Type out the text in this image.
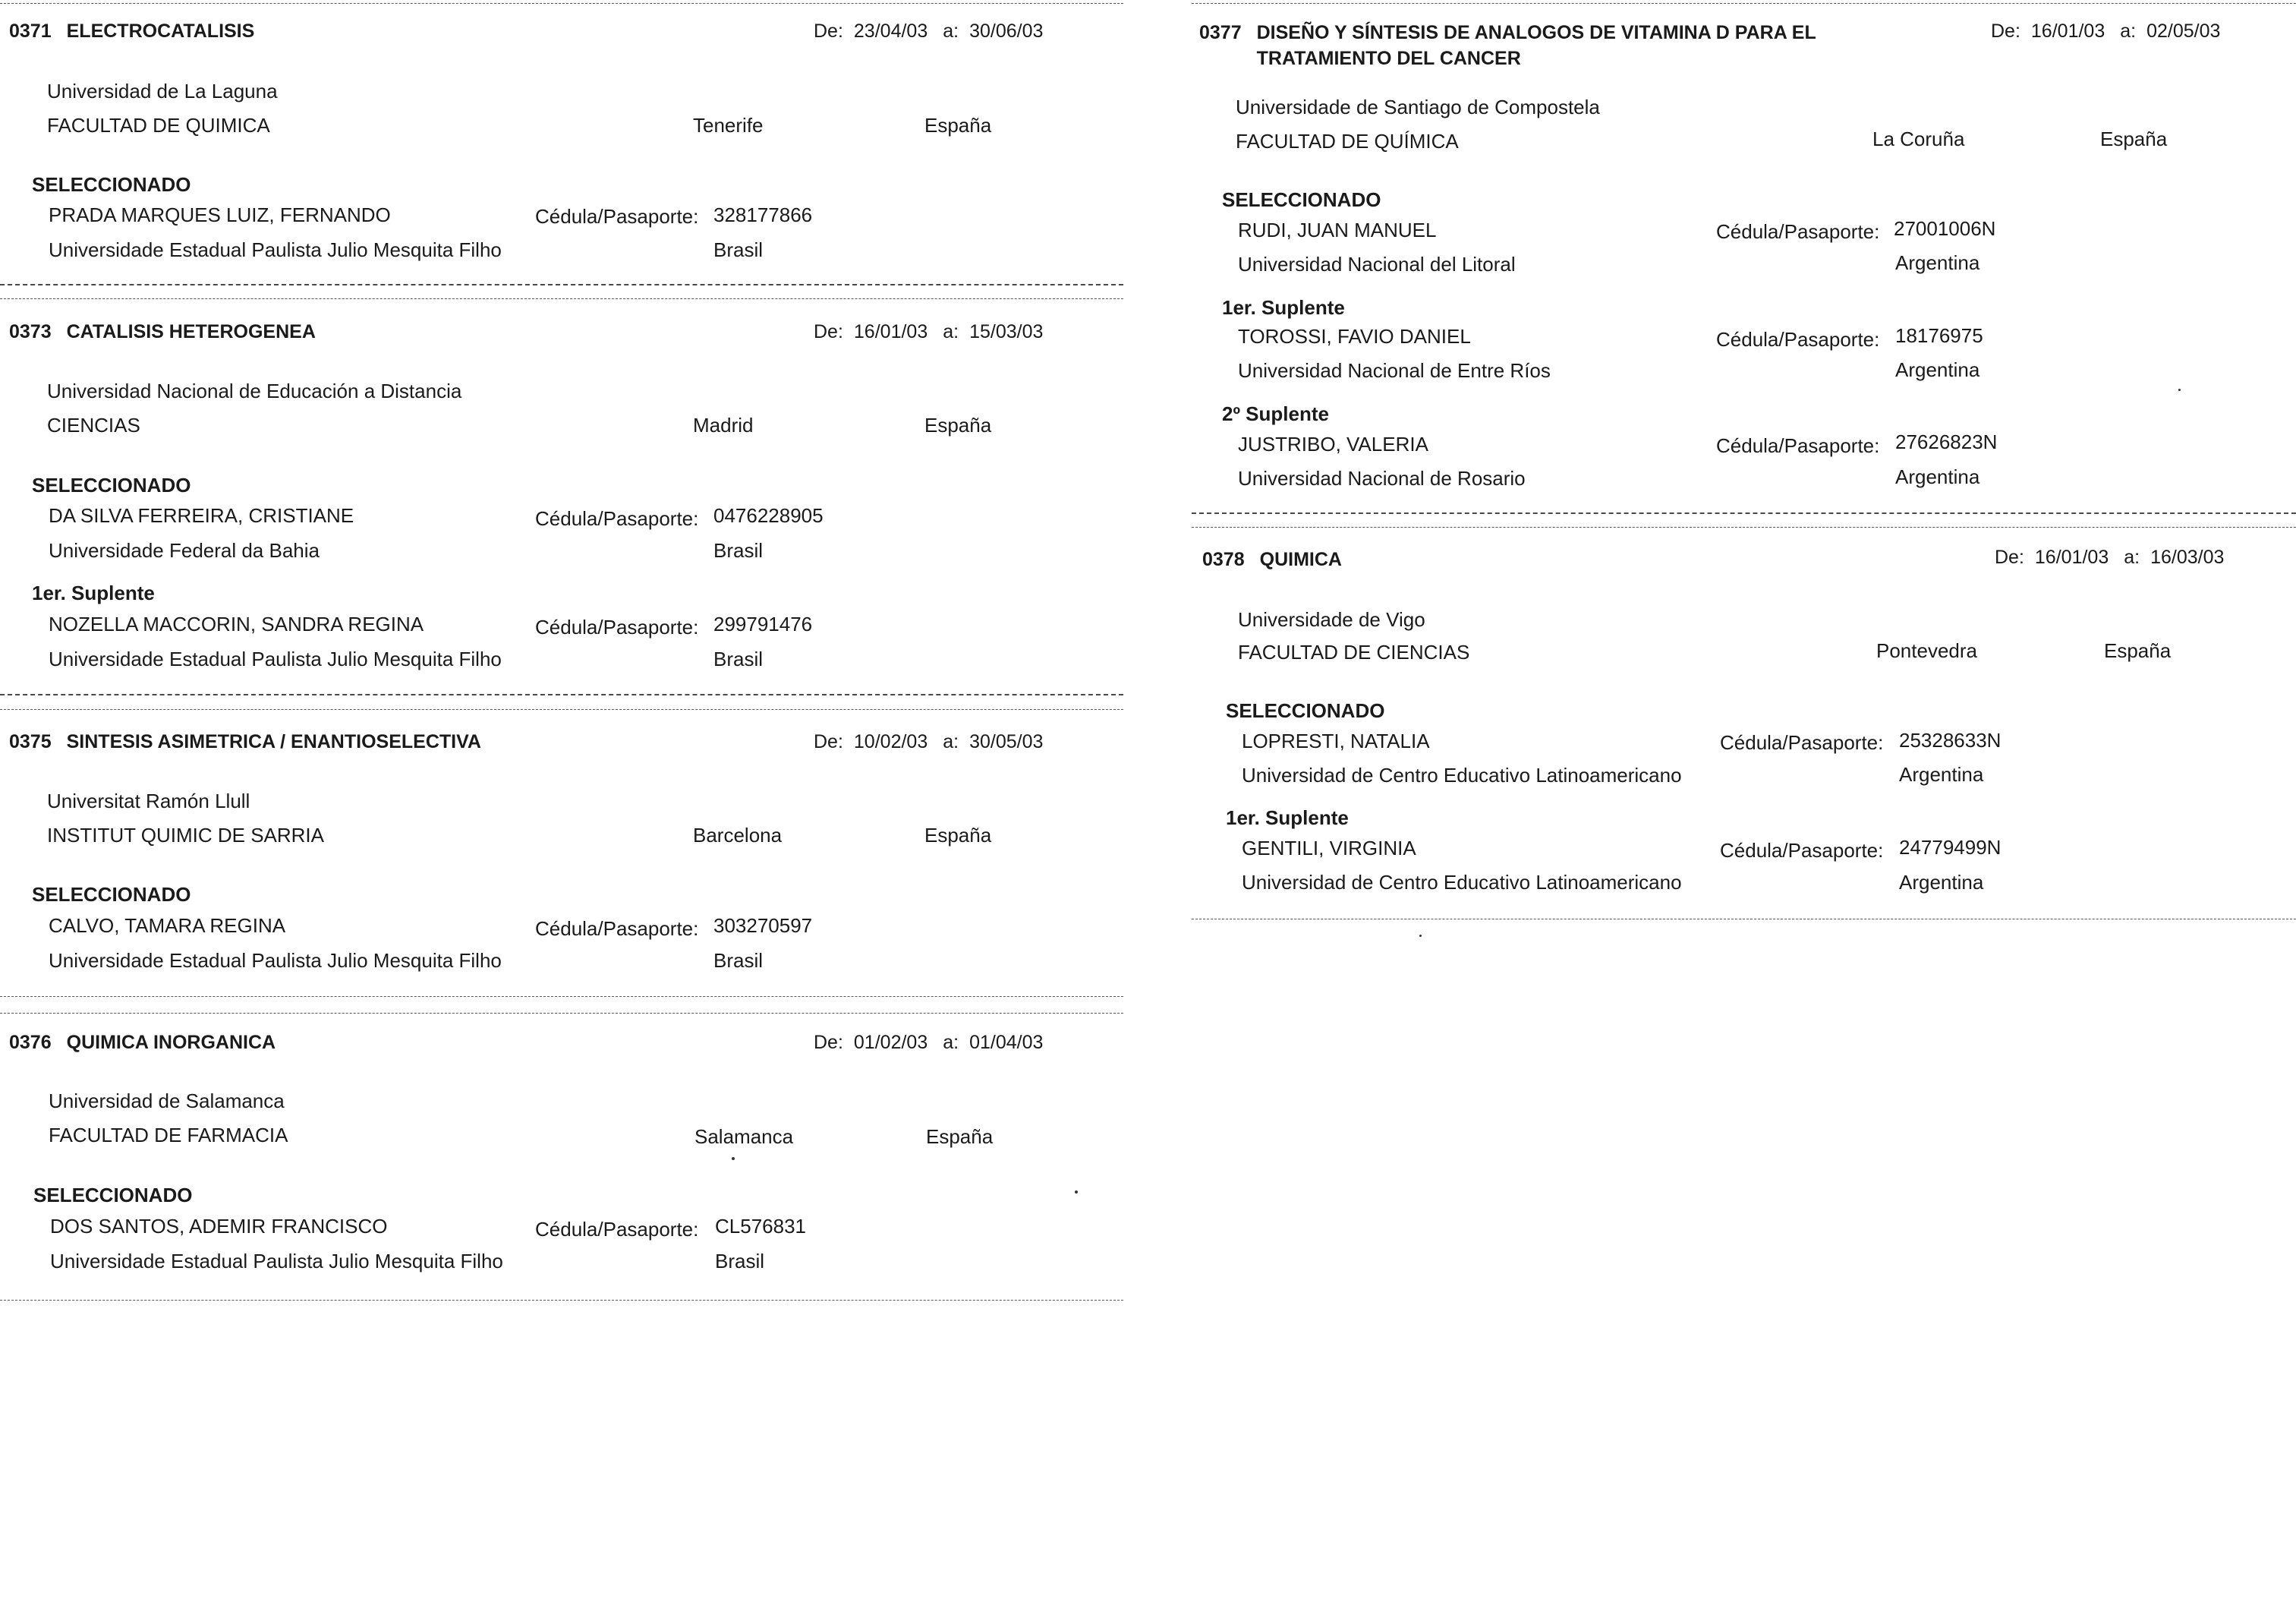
0371 ELECTROCATALISIS	De: 23/04/03 a: 30/06/03
Universidad de La Laguna
FACULTAD DE QUIMICA	Tenerife	España
SELECCIONADO
PRADA MARQUES LUIZ, FERNANDO	Cédula/Pasaporte: 328177866
Universidade Estadual Paulista Julio Mesquita Filho	Brasil
0373 CATALISIS HETEROGENEA	De: 16/01/03 a: 15/03/03
Universidad Nacional de Educación a Distancia
CIENCIAS	Madrid	España
SELECCIONADO
DA SILVA FERREIRA, CRISTIANE	Cédula/Pasaporte: 0476228905
Universidade Federal da Bahia	Brasil
1er. Suplente
NOZELLA MACCORIN, SANDRA REGINA	Cédula/Pasaporte: 299791476
Universidade Estadual Paulista Julio Mesquita Filho	Brasil
0375 SINTESIS ASIMETRICA / ENANTIOSELECTIVA	De: 10/02/03 a: 30/05/03
Universitat Ramón Llull
INSTITUT QUIMIC DE SARRIA	Barcelona	España
SELECCIONADO
CALVO, TAMARA REGINA	Cédula/Pasaporte: 303270597
Universidade Estadual Paulista Julio Mesquita Filho	Brasil
0376 QUIMICA INORGANICA	De: 01/02/03 a: 01/04/03
Universidad de Salamanca
FACULTAD DE FARMACIA	Salamanca	España
SELECCIONADO
DOS SANTOS, ADEMIR FRANCISCO	Cédula/Pasaporte: CL576831
Universidade Estadual Paulista Julio Mesquita Filho	Brasil
0377 DISEÑO Y SÍNTESIS DE ANALOGOS DE VITAMINA D PARA EL TRATAMIENTO DEL CANCER
De: 16/01/03 a: 02/05/03
Universidade de Santiago de Compostela
FACULTAD DE QUÍMICA	La Coruña	España
SELECCIONADO
RUDI, JUAN MANUEL	Cédula/Pasaporte: 27001006N
Universidad Nacional del Litoral	Argentina
1er. Suplente
TOROSSI, FAVIO DANIEL	Cédula/Pasaporte: 18176975
Universidad Nacional de Entre Ríos	Argentina
2º Suplente
JUSTRIBO, VALERIA	Cédula/Pasaporte: 27626823N
Universidad Nacional de Rosario	Argentina
0378 QUIMICA	De: 16/01/03 a: 16/03/03
Universidade de Vigo
FACULTAD DE CIENCIAS	Pontevedra	España
SELECCIONADO
LOPRESTI, NATALIA	Cédula/Pasaporte: 25328633N
Universidad de Centro Educativo Latinoamericano	Argentina
1er. Suplente
GENTILI, VIRGINIA	Cédula/Pasaporte: 24779499N
Universidad de Centro Educativo Latinoamericano	Argentina
